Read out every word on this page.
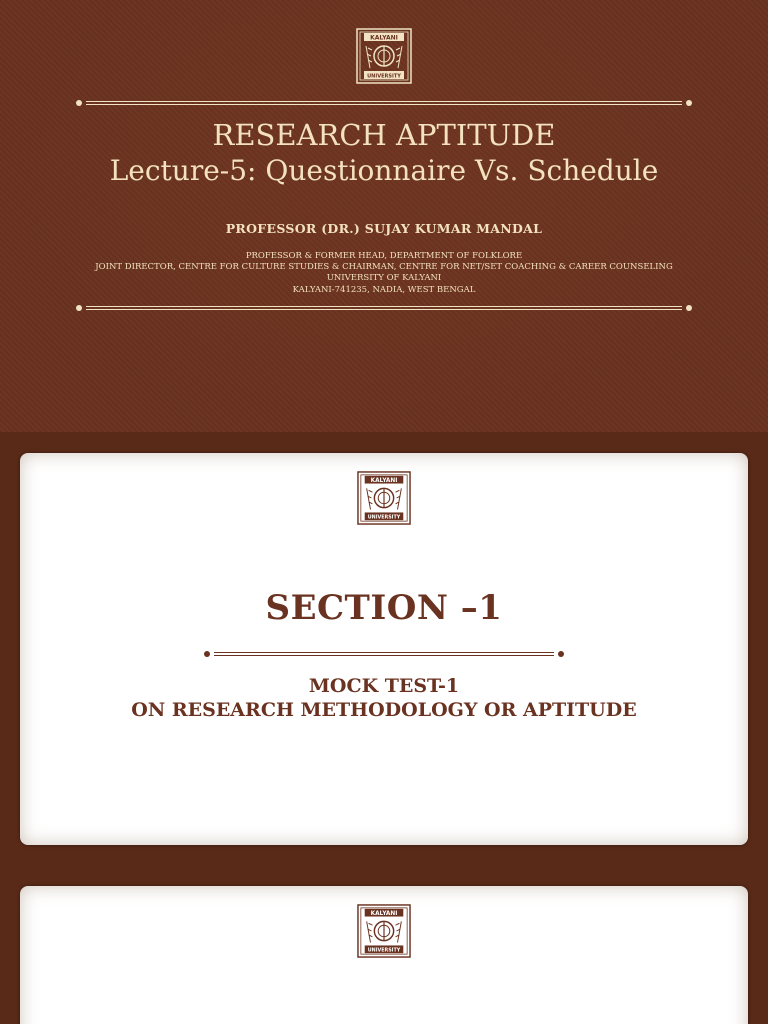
KALYANI
UNIVERSITY
RESEARCH APTITUDE
Lecture-5: Questionnaire Vs. Schedule
PROFESSOR (DR.) SUJAY KUMAR MANDAL
PROFESSOR & FORMER HEAD, DEPARTMENT OF FOLKLORE
JOINT DIRECTOR, CENTRE FOR CULTURE STUDIES & CHAIRMAN, CENTRE FOR NET/SET COACHING & CAREER COUNSELING
UNIVERSITY OF KALYANI
KALYANI-741235, NADIA, WEST BENGAL
KALYANI
UNIVERSITY
SECTION –1
MOCK TEST-1
ON RESEARCH METHODOLOGY OR APTITUDE
KALYANI
UNIVERSITY
